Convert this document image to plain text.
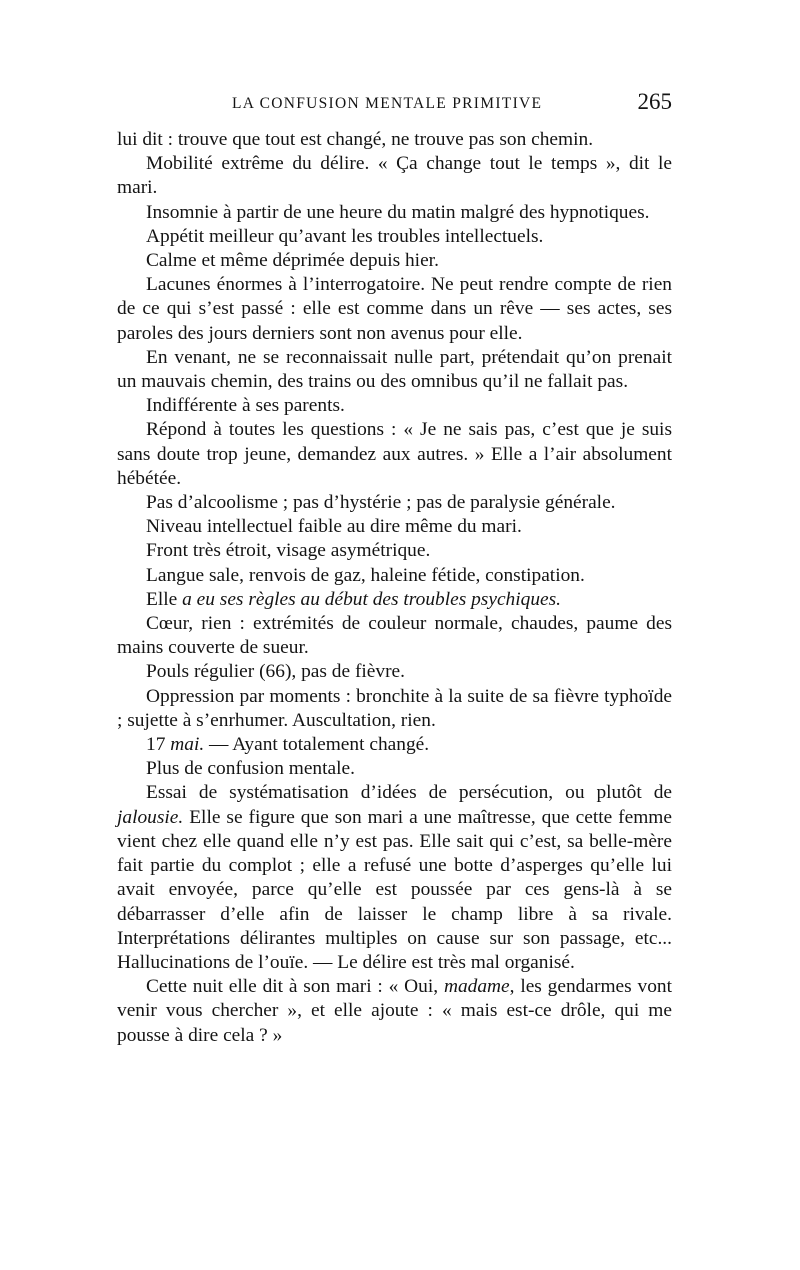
LA CONFUSION MENTALE PRIMITIVE	265

lui dit : trouve que tout est changé, ne trouve pas son chemin.

Mobilité extrême du délire. « Ça change tout le temps », dit le mari.

Insomnie à partir de une heure du matin malgré des hypnotiques.

Appétit meilleur qu’avant les troubles intellectuels.

Calme et même déprimée depuis hier.

Lacunes énormes à l’interrogatoire. Ne peut rendre compte de rien de ce qui s’est passé : elle est comme dans un rêve — ses actes, ses paroles des jours derniers sont non avenus pour elle.

En venant, ne se reconnaissait nulle part, prétendait qu’on prenait un mauvais chemin, des trains ou des omnibus qu’il ne fallait pas.

Indifférente à ses parents.

Répond à toutes les questions : « Je ne sais pas, c’est que je suis sans doute trop jeune, demandez aux autres. » Elle a l’air absolument hébétée.

Pas d’alcoolisme ; pas d’hystérie ; pas de paralysie générale.

Niveau intellectuel faible au dire même du mari.

Front très étroit, visage asymétrique.

Langue sale, renvois de gaz, haleine fétide, constipation.

Elle a eu ses règles au début des troubles psychiques.

Cœur, rien : extrémités de couleur normale, chaudes, paume des mains couverte de sueur.

Pouls régulier (66), pas de fièvre.

Oppression par moments : bronchite à la suite de sa fièvre typhoïde ; sujette à s’enrhumer. Auscultation, rien.

17 mai. — Ayant totalement changé.

Plus de confusion mentale.

Essai de systématisation d’idées de persécution, ou plutôt de jalousie. Elle se figure que son mari a une maîtresse, que cette femme vient chez elle quand elle n’y est pas. Elle sait qui c’est, sa belle-mère fait partie du complot ; elle a refusé une botte d’asperges qu’elle lui avait envoyée, parce qu’elle est poussée par ces gens-là à se débarrasser d’elle afin de laisser le champ libre à sa rivale. Interprétations délirantes multiples on cause sur son passage, etc... Hallucinations de l’ouïe. — Le délire est très mal organisé.

Cette nuit elle dit à son mari : « Oui, madame, les gendarmes vont venir vous chercher », et elle ajoute : « mais est-ce drôle, qui me pousse à dire cela ? »
